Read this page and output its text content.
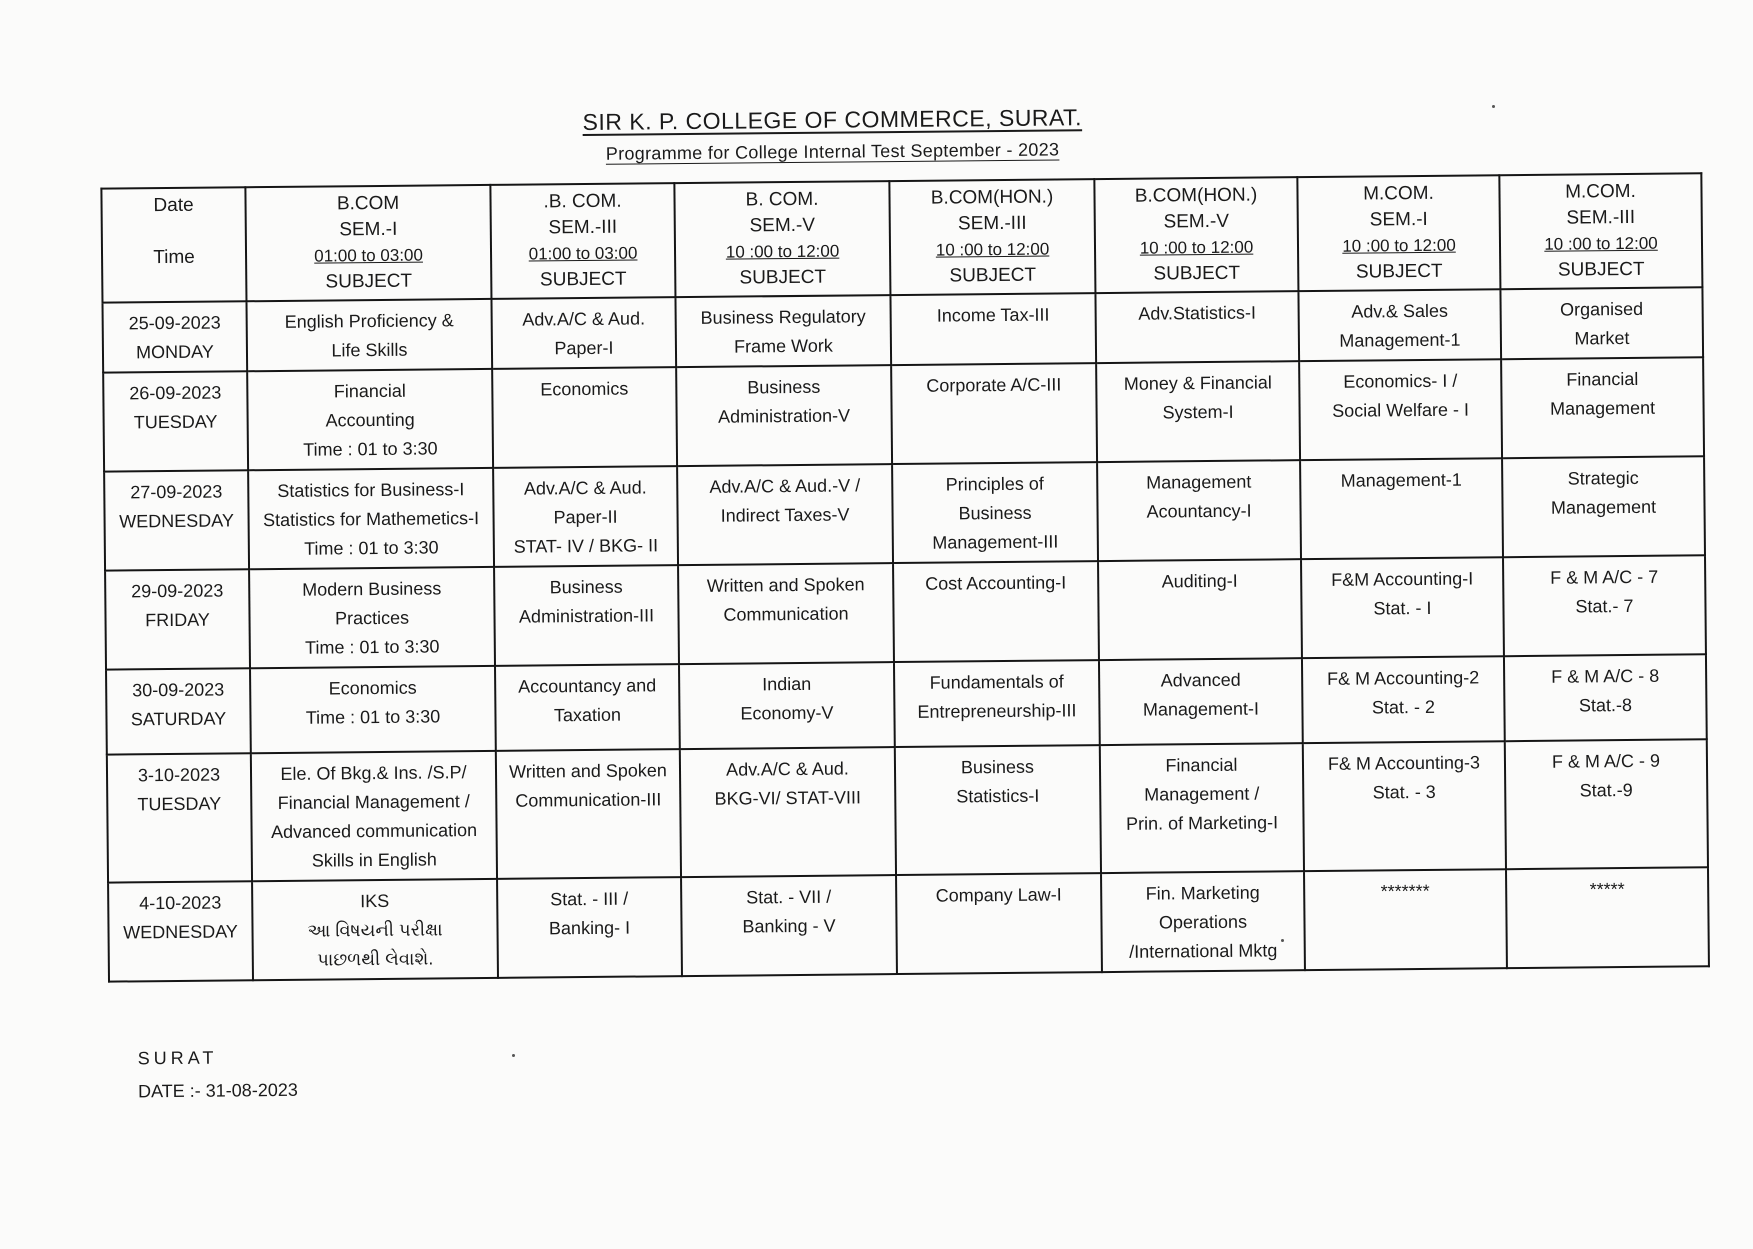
SIR K. P. COLLEGE OF COMMERCE, SURAT.
Programme for College Internal Test September - 2023
Date
Time	B.COM
SEM.-I
01:00 to 03:00
SUBJECT	.B. COM.
SEM.-III
01:00 to 03:00
SUBJECT	B. COM.
SEM.-V
10 :00 to 12:00
SUBJECT	B.COM(HON.)
SEM.-III
10 :00 to 12:00
SUBJECT	B.COM(HON.)
SEM.-V
10 :00 to 12:00
SUBJECT	M.COM.
SEM.-I
10 :00 to 12:00
SUBJECT	M.COM.
SEM.-III
10 :00 to 12:00
SUBJECT

25-09-2023
MONDAY	English Proficiency &
Life Skills	Adv.A/C & Aud.
Paper-I	Business Regulatory
Frame Work	Income Tax-III	Adv.Statistics-I	Adv.& Sales
Management-1	Organised
Market

26-09-2023
TUESDAY	Financial
Accounting
Time : 01 to 3:30	Economics	Business
Administration-V	Corporate A/C-III	Money & Financial
System-I	Economics- I /
Social Welfare - I	Financial
Management

27-09-2023
WEDNESDAY	Statistics for Business-I
Statistics for Mathemetics-I
Time : 01 to 3:30	Adv.A/C & Aud.
Paper-II
STAT- IV / BKG- II	Adv.A/C & Aud.-V /
Indirect Taxes-V	Principles of
Business
Management-III	Management
Acountancy-I	Management-1	Strategic
Management

29-09-2023
FRIDAY	Modern Business
Practices
Time : 01 to 3:30	Business
Administration-III	Written and Spoken
Communication	Cost Accounting-I	Auditing-I	F&M Accounting-I
Stat. - I	F & M A/C - 7
Stat.- 7

30-09-2023
SATURDAY	Economics
Time : 01 to 3:30	Accountancy and
Taxation	Indian
Economy-V	Fundamentals of
Entrepreneurship-III	Advanced
Management-I	F& M Accounting-2
Stat. - 2	F & M A/C - 8
Stat.-8

3-10-2023
TUESDAY	Ele. Of Bkg.& Ins. /S.P/
Financial Management /
Advanced communication
Skills in English	Written and Spoken
Communication-III	Adv.A/C & Aud.
BKG-VI/ STAT-VIII	Business
Statistics-I	Financial
Management /
Prin. of Marketing-I	F& M Accounting-3
Stat. - 3	F & M A/C - 9
Stat.-9

4-10-2023
WEDNESDAY	IKS
આ વિષયની પરીક્ષા
પાછળથી લેવાશે.	Stat. - III /
Banking- I	Stat. - VII /
Banking - V	Company Law-I	Fin. Marketing
Operations
/International Mktg	*******	*****
SURAT
DATE :- 31-08-2023
